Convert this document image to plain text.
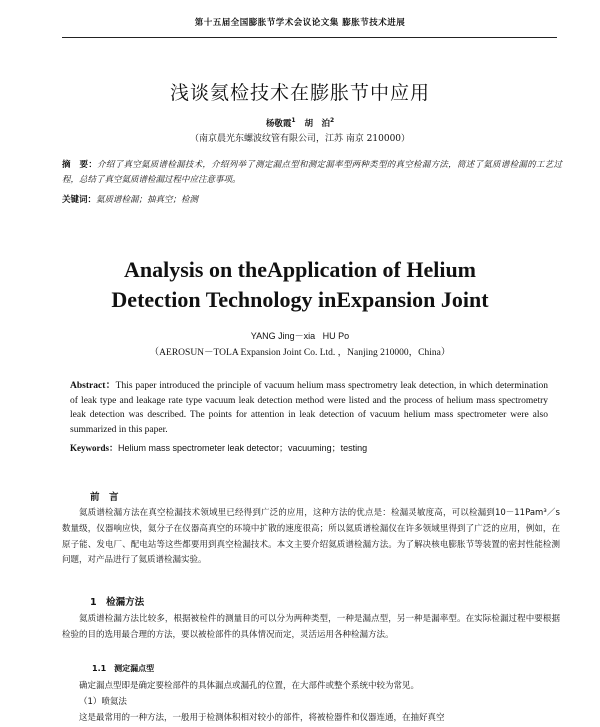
第十五届全国膨胀节学术会议论文集 膨胀节技术进展
浅谈氦检技术在膨胀节中应用
杨敬霞$^1$ 胡　泊$^2$
（南京晨光东螺波纹管有限公司，江苏 南京 210000）
摘　要：介绍了真空氦质谱检漏技术，介绍列举了测定漏点型和测定漏率型两种类型的真空检漏方法，简述了氦质谱检漏的工艺过程，总结了真空氦质谱检漏过程中应注意事项。
关键词：氦质谱检漏；抽真空；检测
Analysis on theApplication of Helium
Detection Technology inExpansion Joint
YANG Jing－xia HU Po
（AEROSUN－TOLA Expansion Joint Co. Ltd. ，Nanjing 210000，China）
Abstract：This paper introduced the principle of vacuum helium mass spectrometry leak detection, in which determination of leak type and leakage rate type vacuum leak detection method were listed and the process of helium mass spectrometry leak detection was described. The points for attention in leak detection of vacuum helium mass spectrometer were also summarized in this paper.
Keywords：Helium mass spectrometer leak detector；vacuuming；testing
前　言
氦质谱检漏方法在真空检漏技术领域里已经得到广泛的应用，这种方法的优点是：检漏灵敏度高，可以检漏到10－11Pam³／s数量级，仪器响应快，氦分子在仪器高真空的环境中扩散的速度很高；所以氦质谱检漏仪在许多领域里得到了广泛的应用，例如，在原子能、发电厂、配电站等这些都要用到真空检漏技术。本文主要介绍氦质谱检漏方法。为了解决核电膨胀节等装置的密封性能检测问题，对产品进行了氦质谱检漏实验。
1　检漏方法
氦质谱检漏方法比较多，根据被检件的测量目的可以分为两种类型，一种是漏点型，另一种是漏率型。在实际检漏过程中要根据检验的目的选用最合理的方法，要以被检部件的具体情况而定，灵活运用各种检漏方法。
1.1　测定漏点型
确定漏点型即是确定要检部件的具体漏点或漏孔的位置，在大部件或整个系统中较为常见。
（1）喷氦法
这是最常用的一种方法，一般用于检测体积相对较小的部件，将被检器件和仪器连通，在抽好真空
